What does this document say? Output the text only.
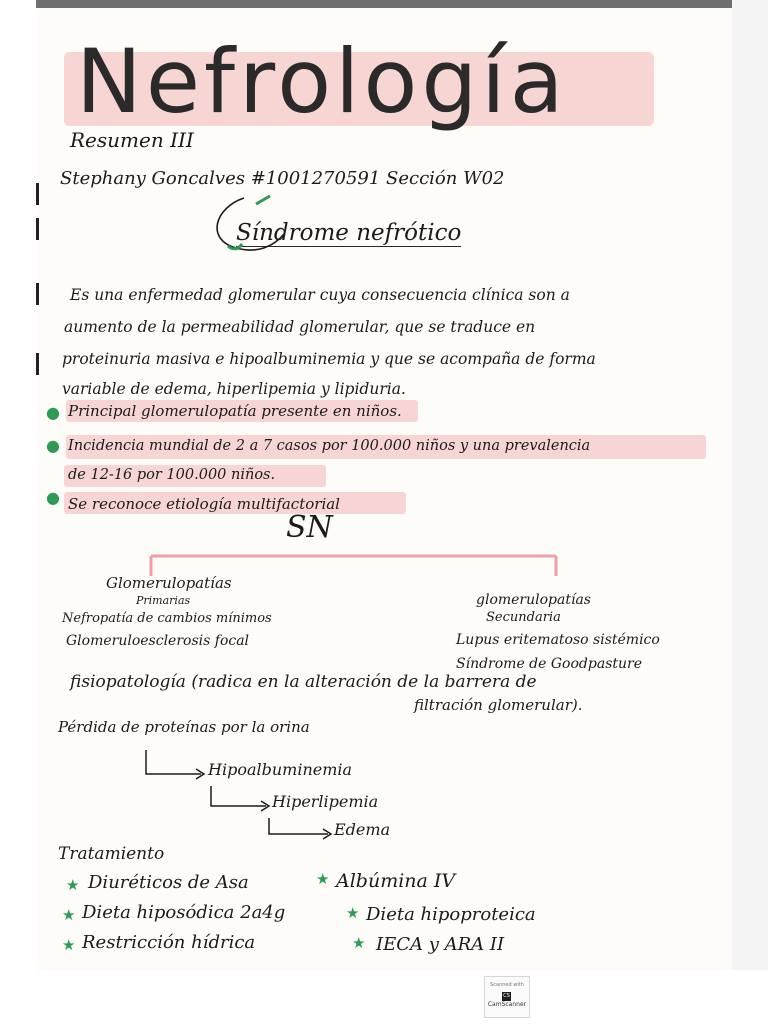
Nefrología
Resumen III
Stephany Goncalves #1001270591 Sección W02
Síndrome nefrótico
Es una enfermedad glomerular cuya consecuencia clínica son a
aumento de la permeabilidad glomerular, que se traduce en
proteinuria masiva e hipoalbuminemia y que se acompaña de forma
variable de edema, hiperlipemia y lipiduria.
● Principal glomerulopatía presente en niños.
● Incidencia mundial de 2 a 7 casos por 100.000 niños y una prevalencia
de 12-16 por 100.000 niños.
● Se reconoce etiología multifactorial
SN
Glomerulopatías
Primarias
Nefropatía de cambios mínimos
Glomeruloesclerosis focal
glomerulopatías
Secundaria
Lupus eritematoso sistémico
Síndrome de Goodpasture
fisiopatología (radica en la alteración de la barrera de
filtración glomerular).
Pérdida de proteínas por la orina
Hipoalbuminemia
Hiperlipemia
Edema
Tratamiento
★ Diuréticos de Asa
★ Dieta hiposódica 2a4g
★ Restricción hídrica
★ Albúmina IV
★ Dieta hipoproteica
★ IECA y ARA II
Scanned with
CSCamScanner
